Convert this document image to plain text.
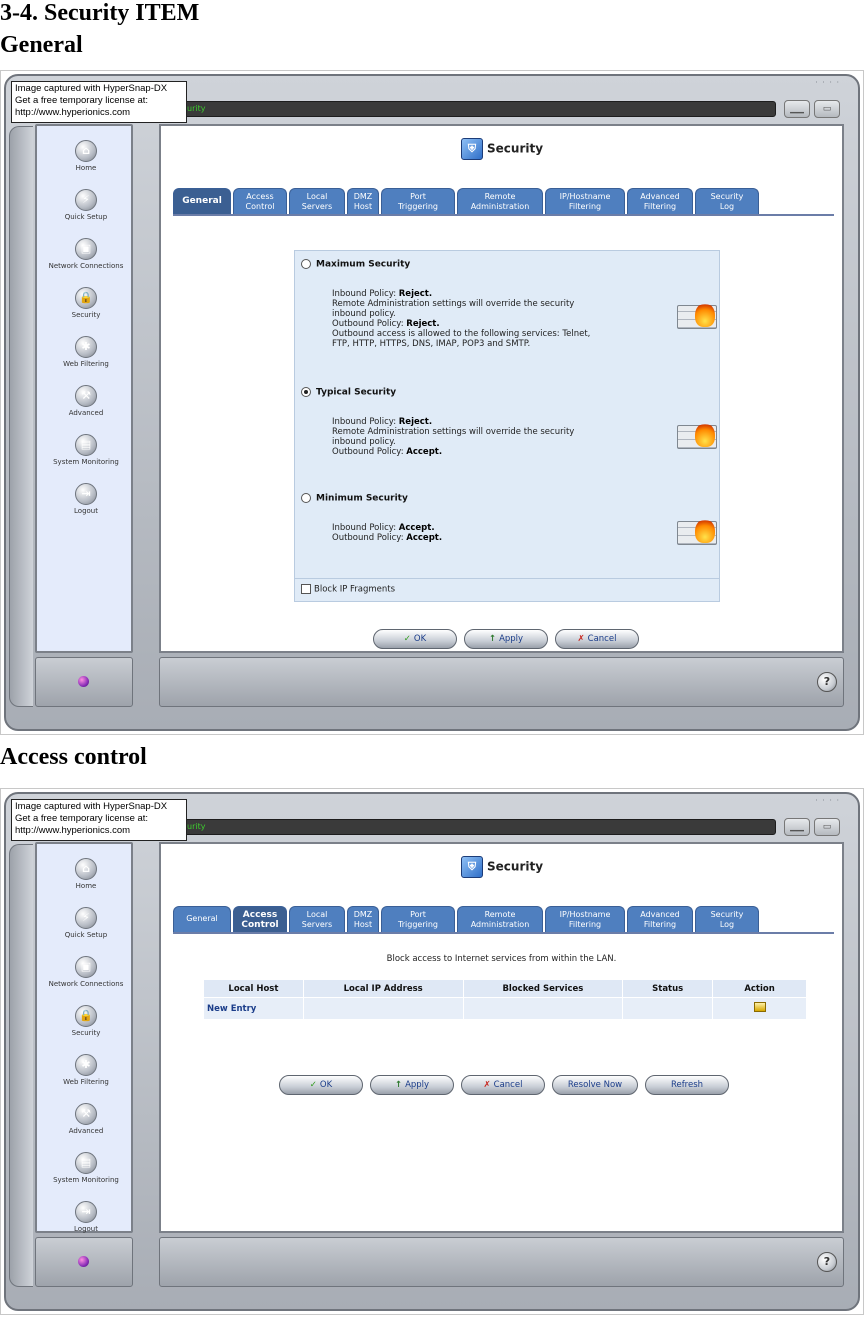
3-4. Security ITEM
General
Access control
· · · ·
urity	▁▁	▭
⌂
Home
⚡
Quick Setup
▣
Network Connections
🔒
Security
✱
Web Filtering
⚒
Advanced
▤
System Monitoring
⇥
Logout
⛨ Security
General	Access
Control
Local
Servers
DMZ
Host
Port
Triggering
Remote
Administration
IP/Hostname
Filtering
Advanced
Filtering
Security
Log
Maximum Security
Inbound Policy: Reject.
Remote Administration settings will override the security
inbound policy.
Outbound Policy: Reject.
Outbound access is allowed to the following services: Telnet,
FTP, HTTP, HTTPS, DNS, IMAP, POP3 and SMTP.
Typical Security
Inbound Policy: Reject.
Remote Administration settings will override the security
inbound policy.
Outbound Policy: Accept.
Minimum Security
Inbound Policy: Accept.
Outbound Policy: Accept.
Block IP Fragments
✓ OK	↑ Apply	✗ Cancel
?
Image captured with HyperSnap-DX
Get a free temporary license at:
http://www.hyperionics.com
· · · ·
urity	▁▁	▭
⌂
Home
⚡
Quick Setup
▣
Network Connections
🔒
Security
✱
Web Filtering
⚒
Advanced
▤
System Monitoring
⇥
Logout
⛨ Security
General	Access
Control
Local
Servers
DMZ
Host
Port
Triggering
Remote
Administration
IP/Hostname
Filtering
Advanced
Filtering
Security
Log
Block access to Internet services from within the LAN.
Local Host	Local IP Address	Blocked Services	Status	Action
New Entry				
✓ OK	↑ Apply	✗ Cancel	Resolve Now	Refresh
?
Image captured with HyperSnap-DX
Get a free temporary license at:
http://www.hyperionics.com
